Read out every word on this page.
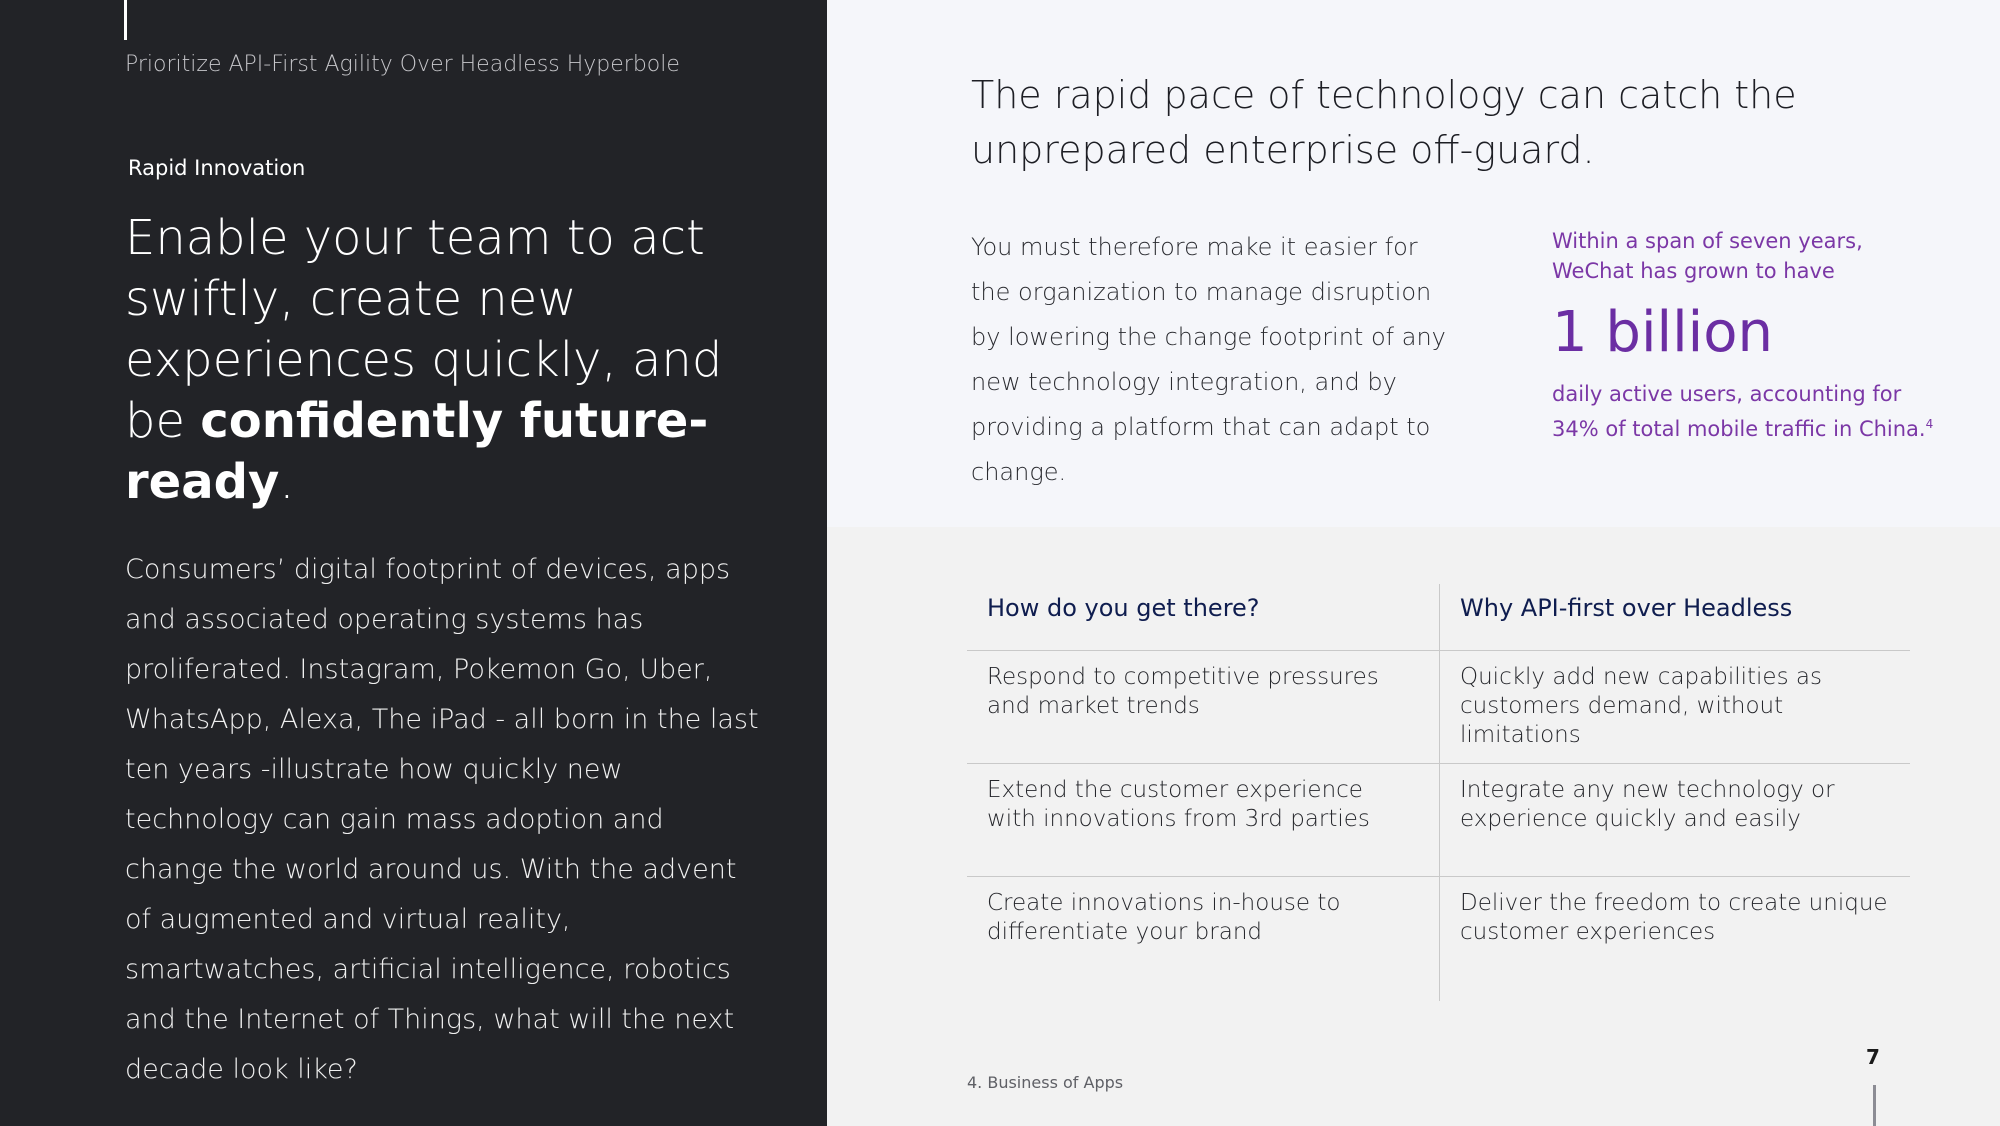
Prioritize API-First Agility Over Headless Hyperbole
Rapid Innovation
Enable your team to act swiftly, create new experiences quickly, and be confidently future-ready.
Consumers’ digital footprint of devices, apps and associated operating systems has proliferated. Instagram, Pokemon Go, Uber, WhatsApp, Alexa, The iPad - all born in the last ten years -illustrate how quickly new technology can gain mass adoption and change the world around us. With the advent of augmented and virtual reality, smartwatches, artificial intelligence, robotics and the Internet of Things, what will the next decade look like?
The rapid pace of technology can catch the unprepared enterprise off-guard.
You must therefore make it easier for the organization to manage disruption by lowering the change footprint of any new technology integration, and by providing a platform that can adapt to change.
Within a span of seven years, WeChat has grown to have
1 billion
daily active users, accounting for 34% of total mobile traffic in China.$^4$
How do you get there?	Why API-first over Headless
Respond to competitive pressures and market trends	Quickly add new capabilities as customers demand, without limitations
Extend the customer experience with innovations from 3rd parties	Integrate any new technology or experience quickly and easily
Create innovations in-house to differentiate your brand	Deliver the freedom to create unique customer experiences
4. Business of Apps
7
